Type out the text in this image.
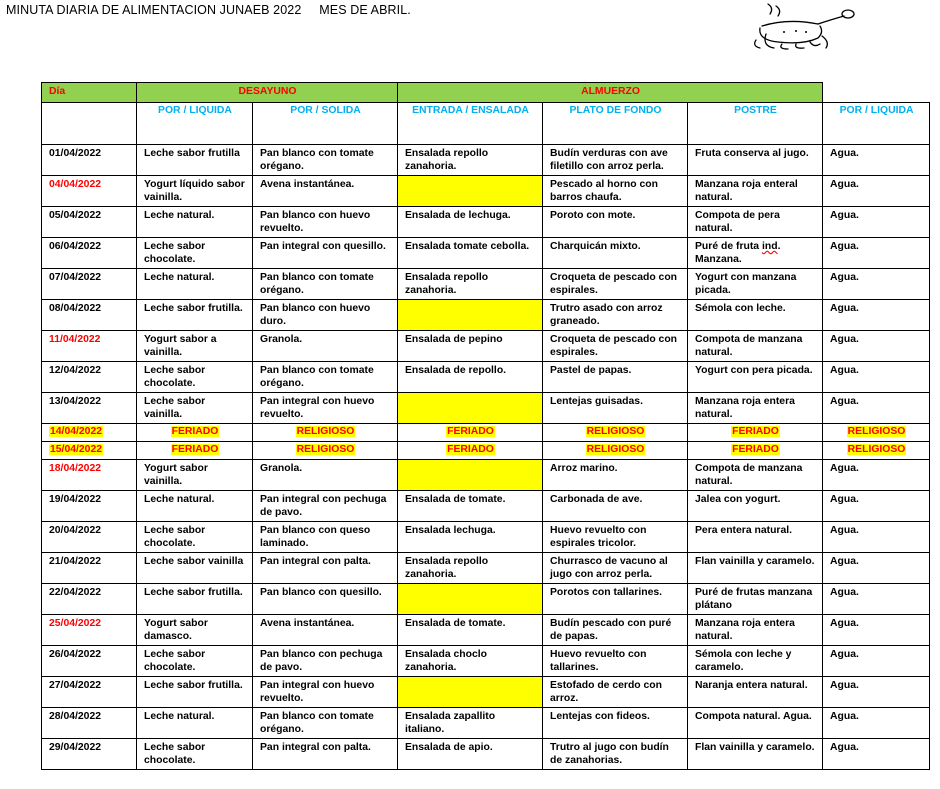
MINUTA DIARIA DE ALIMENTACION JUNAEB 2022     MES DE ABRIL.
Día	DESAYUNO		ALMUERZO			
	POR / LIQUIDA	POR / SOLIDA	ENTRADA / ENSALADA	PLATO DE FONDO	POSTRE	POR / LIQUIDA
01/04/2022	Leche sabor frutilla	Pan blanco con tomate orégano.	Ensalada repollo zanahoria.	Budín verduras con ave filetillo con arroz perla.	Fruta conserva al jugo.	Agua.
04/04/2022	Yogurt líquido sabor vainilla.	Avena instantánea.		Pescado al horno con barros chaufa.	Manzana roja enteral natural.	Agua.
05/04/2022	Leche natural.	Pan blanco con huevo revuelto.	Ensalada de lechuga.	Poroto con mote.	Compota de pera natural.	Agua.
06/04/2022	Leche sabor chocolate.	Pan integral con quesillo.	Ensalada tomate cebolla.	Charquicán mixto.	Puré de fruta ind. Manzana.	Agua.
07/04/2022	Leche natural.	Pan blanco con tomate orégano.	Ensalada repollo zanahoria.	Croqueta de pescado con espirales.	Yogurt con manzana picada.	Agua.
08/04/2022	Leche sabor frutilla.	Pan blanco con huevo duro.		Trutro asado con arroz graneado.	Sémola con leche.	Agua.
11/04/2022	Yogurt sabor a vainilla.	Granola.	Ensalada de pepino	Croqueta de pescado con espirales.	Compota de manzana natural.	Agua.
12/04/2022	Leche sabor chocolate.	Pan blanco con tomate orégano.	Ensalada de repollo.	Pastel de papas.	Yogurt con pera picada.	Agua.
13/04/2022	Leche sabor vainilla.	Pan integral con huevo revuelto.		Lentejas guisadas.	Manzana roja entera natural.	Agua.
14/04/2022	FERIADO	RELIGIOSO	FERIADO	RELIGIOSO	FERIADO	RELIGIOSO
15/04/2022	FERIADO	RELIGIOSO	FERIADO	RELIGIOSO	FERIADO	RELIGIOSO
18/04/2022	Yogurt sabor vainilla.	Granola.		Arroz marino.	Compota de manzana natural.	Agua.
19/04/2022	Leche natural.	Pan integral con pechuga de pavo.	Ensalada de tomate.	Carbonada de ave.	Jalea con yogurt.	Agua.
20/04/2022	Leche sabor chocolate.	Pan blanco con queso laminado.	Ensalada lechuga.	Huevo revuelto con espirales tricolor.	Pera entera natural.	Agua.
21/04/2022	Leche sabor vainilla	Pan integral con palta.	Ensalada repollo zanahoria.	Churrasco de vacuno al jugo con arroz perla.	Flan vainilla y caramelo.	Agua.
22/04/2022	Leche sabor frutilla.	Pan blanco con quesillo.		Porotos con tallarines.	Puré de frutas manzana plátano	Agua.
25/04/2022	Yogurt sabor damasco.	Avena instantánea.	Ensalada de tomate.	Budín pescado con puré de papas.	Manzana roja entera natural.	Agua.
26/04/2022	Leche sabor chocolate.	Pan blanco con pechuga de pavo.	Ensalada choclo zanahoria.	Huevo revuelto con tallarines.	Sémola con leche y caramelo.	Agua.
27/04/2022	Leche sabor frutilla.	Pan integral con huevo revuelto.		Estofado de cerdo con arroz.	Naranja entera natural.	Agua.
28/04/2022	Leche natural.	Pan blanco con tomate orégano.	Ensalada zapallito italiano.	Lentejas con fideos.	Compota natural. Agua.	Agua.
29/04/2022	Leche sabor chocolate.	Pan integral con palta.	Ensalada de apio.	Trutro al jugo con budín de zanahorias.	Flan vainilla y caramelo.	Agua.
